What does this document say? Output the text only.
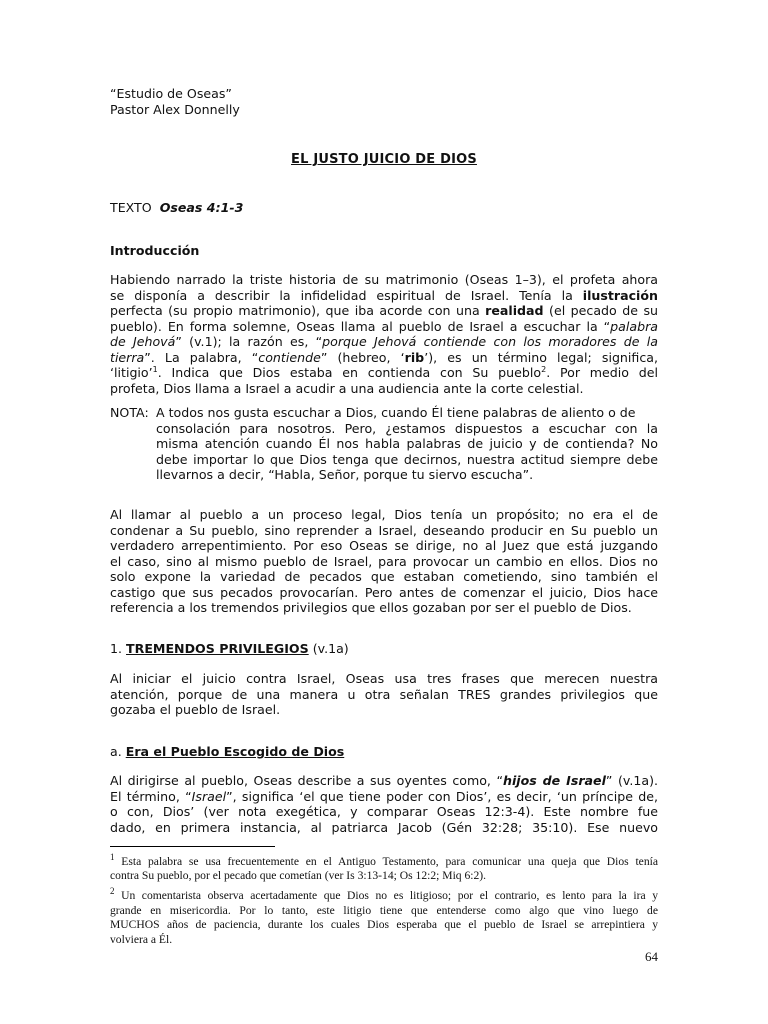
“Estudio de Oseas”
Pastor Alex Donnelly
EL JUSTO JUICIO DE DIOS
TEXTO Oseas 4:1-3
Introducción
Habiendo narrado la triste historia de su matrimonio (Oseas 1–3), el profeta ahora
se disponía a describir la infidelidad espiritual de Israel. Tenía la ilustración
perfecta (su propio matrimonio), que iba acorde con una realidad (el pecado de su
pueblo). En forma solemne, Oseas llama al pueblo de Israel a escuchar la “palabra
de Jehová” (v.1); la razón es, “porque Jehová contiende con los moradores de la
tierra”. La palabra, “contiende” (hebreo, ‘rib’), es un término legal; significa,
‘litigio’$^1$. Indica que Dios estaba en contienda con Su pueblo$^2$. Por medio del
profeta, Dios llama a Israel a acudir a una audiencia ante la corte celestial.
NOTA: A todos nos gusta escuchar a Dios, cuando Él tiene palabras de aliento o de
consolación para nosotros. Pero, ¿estamos dispuestos a escuchar con la
misma atención cuando Él nos habla palabras de juicio y de contienda? No
debe importar lo que Dios tenga que decirnos, nuestra actitud siempre debe
llevarnos a decir, “Habla, Señor, porque tu siervo escucha”.
Al llamar al pueblo a un proceso legal, Dios tenía un propósito; no era el de
condenar a Su pueblo, sino reprender a Israel, deseando producir en Su pueblo un
verdadero arrepentimiento. Por eso Oseas se dirige, no al Juez que está juzgando
el caso, sino al mismo pueblo de Israel, para provocar un cambio en ellos. Dios no
solo expone la variedad de pecados que estaban cometiendo, sino también el
castigo que sus pecados provocarían. Pero antes de comenzar el juicio, Dios hace
referencia a los tremendos privilegios que ellos gozaban por ser el pueblo de Dios.
1. TREMENDOS PRIVILEGIOS (v.1a)
Al iniciar el juicio contra Israel, Oseas usa tres frases que merecen nuestra
atención, porque de una manera u otra señalan TRES grandes privilegios que
gozaba el pueblo de Israel.
a. Era el Pueblo Escogido de Dios
Al dirigirse al pueblo, Oseas describe a sus oyentes como, “hijos de Israel” (v.1a).
El término, “Israel”, significa ‘el que tiene poder con Dios’, es decir, ‘un príncipe de,
o con, Dios’ (ver nota exegética, y comparar Oseas 12:3-4). Este nombre fue
dado, en primera instancia, al patriarca Jacob (Gén 32:28; 35:10). Ese nuevo
$^1$ Esta palabra se usa frecuentemente en el Antiguo Testamento, para comunicar una queja que Dios tenía
contra Su pueblo, por el pecado que cometían (ver Is 3:13-14; Os 12:2; Miq 6:2).
$^2$ Un comentarista observa acertadamente que Dios no es litigioso; por el contrario, es lento para la ira y
grande en misericordia. Por lo tanto, este litigio tiene que entenderse como algo que vino luego de
MUCHOS años de paciencia, durante los cuales Dios esperaba que el pueblo de Israel se arrepintiera y
volviera a Él.
64
